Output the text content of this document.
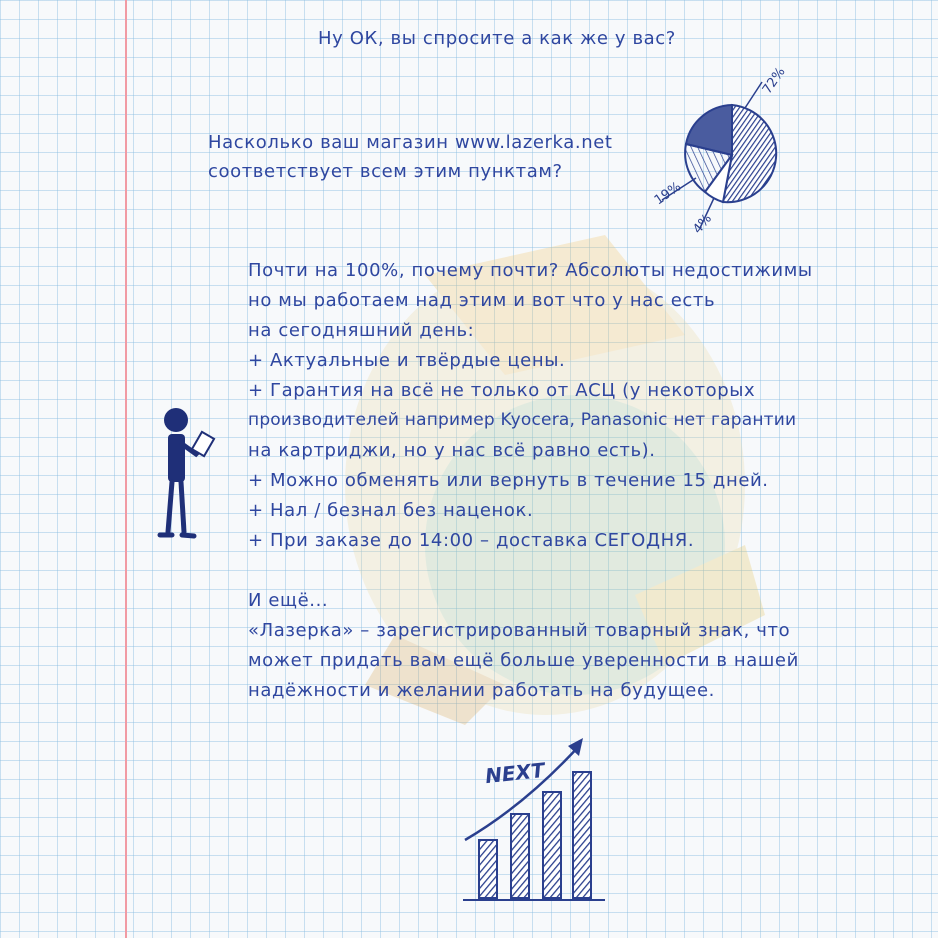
Ну ОК, вы спросите а как же у вас?

Насколько ваш магазин www.lazerka.net
соответствует всем этим пунктам?

72%
19%
4%

Почти на 100%, почему почти? Абсолюты недостижимы

но мы работаем над этим и вот что у нас есть

на сегодняшний день:

+ Актуальные и твёрдые цены.

+ Гарантия на всё не только от АСЦ (у некоторых

производителей например Kyocera, Panasonic нет гарантии

на картриджи, но у нас всё равно есть).

+ Можно обменять или вернуть в течение 15 дней.

+ Нал / безнал без наценок.

+ При заказе до 14:00 – доставка СЕГОДНЯ.

И ещё...

«Лазерка» – зарегистрированный товарный знак, что

может придать вам ещё больше уверенности в нашей

надёжности и желании работать на будущее.

NEXT
